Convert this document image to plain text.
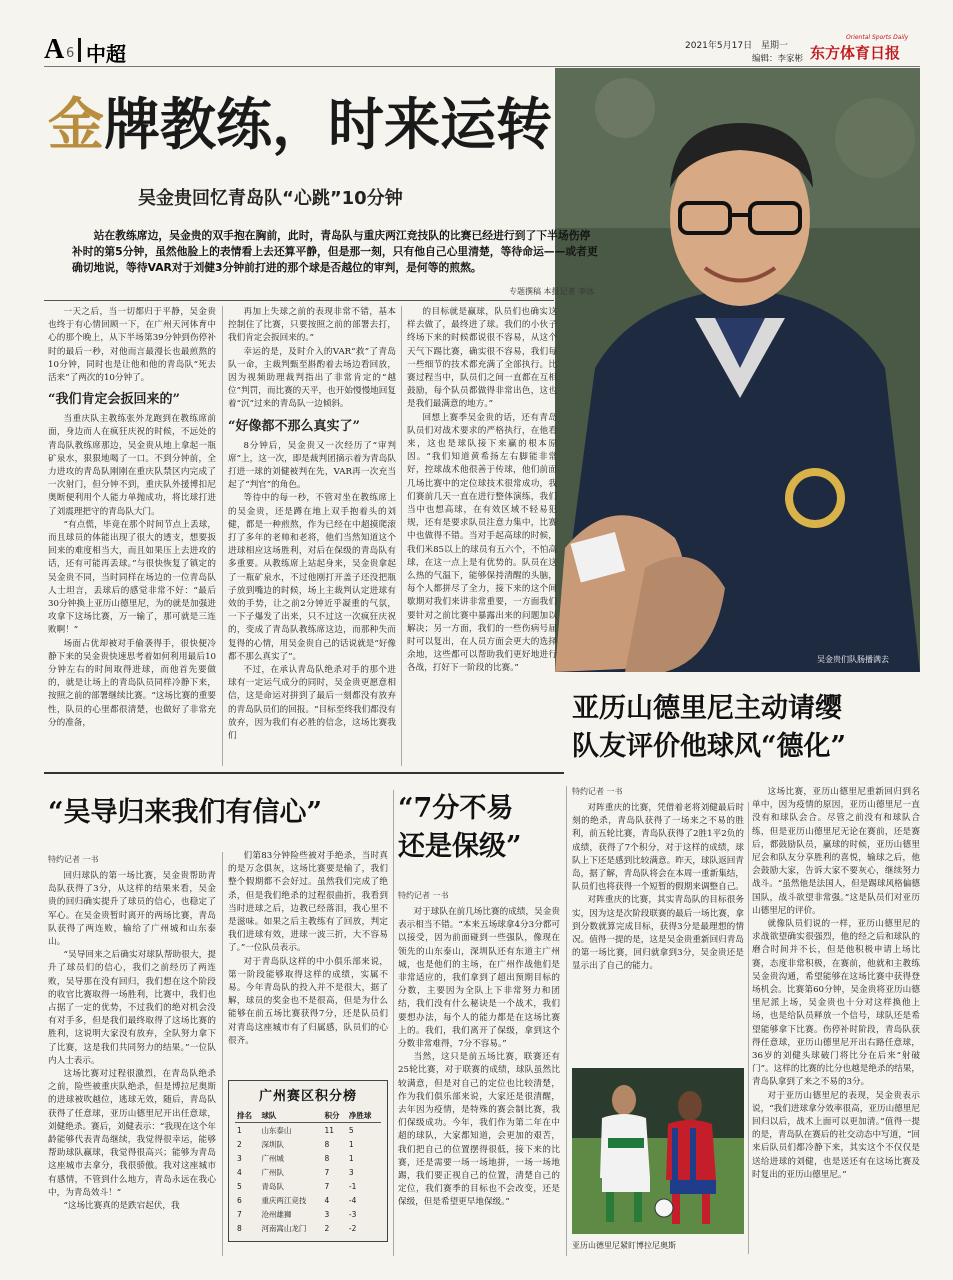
A 6 中超	2021年5月17日 星期一
编辑：李家彬 东方体育日报
Oriental Sports Daily
吴金贵们队肠播满去
金牌教练，时来运转
吴金贵回忆青岛队“心跳”10分钟
站在教练席边，吴金贵的双手抱在胸前，此时，青岛队与重庆两江竞技队的比赛已经进行到了下半场伤停补时的第5分钟，虽然他脸上的表情看上去还算平静，但是那一刻，只有他自己心里清楚，等待命运——或者更确切地说，等待VAR对于刘健3分钟前打进的那个球是否越位的审判，是何等的煎熬。
专题撰稿 本报记者 李冰

一天之后，当一切都归于平静，吴金贵也终于有心情回顾一下，在广州天河体育中心的那个晚上，从下半场第39分钟到伤停补时的最后一秒，对他而言最漫长也最煎熬的10分钟，同时也是让他和他的青岛队“死去活来”了两次的10分钟了。

“我们肯定会扳回来的”

当重庆队主教练张外龙跑到在教练席前面，身边而人在疯狂庆祝的时候，不远处的青岛队教练席那边，吴金贵从地上拿起一瓶矿泉水，狠狠地喝了一口。不到分钟前，全力进攻的青岛队刚刚在重庆队禁区内完成了一次射门，但分钟不到，重庆队外援博扣尼奥断便利用个人能力单抛成功，将比球打进了刘震理把守的青岛队大门。

“有点慌，毕竟在那个时间节点上丢球，而且球员的体能出现了很大的透支，想要扳回来的难度相当大，而且如果压上去进攻的话，还有可能再丢球。”与很快恢复了镇定的吴金贵不同，当时同样在场边的一位青岛队人士坦言，丢球后的感觉非常不好：“最后30分钟换上亚历山德里尼，为的就是加强进攻拿下这场比赛，万一输了，那可就是三连败啊！”

场面占优却被对手偷袭得手，很快便冷静下来的吴金贵快速思考着如何利用最后10分钟左右的时间取得进球，而他首先要做的，就是让场上的青岛队员同样冷静下来，按照之前的部署继续比赛。“这场比赛的重要性，队员的心里都很清楚，也做好了非常充分的准备，

再加上失球之前的表现非常不错，基本控制住了比赛，只要按照之前的部署去打，我们肯定会扳回来的。”

幸运的是，及时介入的VAR“救”了青岛队一命，主裁判甄至斟酌着去场边看回放，因为视频助理裁判指出了非常肯定的“越位”判罚，而比赛的天平，也开始慢慢地回复着“沉”过来的青岛队一边倾斜。

“好像都不那么真实了”

8分钟后，吴金贵又一次经历了“审判席”上，这一次，即是裁判团摘示着为青岛队打进一球的刘健被判在先，VAR再一次充当起了“判官”的角色。

等待中的每一秒，不管对坐在教练席上的吴金贵，还是蹲在地上双手抱着头的刘健，都是一种煎熬，作为已经在中超摸爬滚打了多年的老帅和老将，他们当然知道这个进球相应这场胜利，对后在保级的青岛队有多重要。从教练席上站起身来，吴金贵拿起了一瓶矿泉水，不过他刚打开盖子还没把瓶子放到嘴边的时候，场上主裁判认定进球有效的手势，让之前2分钟近乎凝重的气氛，一下子爆发了出来，只不过这一次疯狂庆祝的，变成了青岛队教练席这边，而那种失而复得的心情，用吴金贵自己的话说就是“好像都不那么真实了”。

不过，在承认青岛队绝杀对手的那个进球有一定运气成分的同时，吴金贵更愿意相信，这是命运对拼到了最后一刻都没有放弃的青岛队员们的回报。“目标至终我们都没有放弃，因为我们有必胜的信念，这场比赛我们

的目标就是赢球，队员们也确实这样去做了，最终进了球。我们的小伙子终场下来的时候都说很不容易，从这个天气下踢比赛，确实很不容易，我们每一些细节的技术都充满了全部执行。比赛过程当中，队员们之间一直都在互相鼓励，每个队员都做得非常出色，这也是我们最满意的地方。”

回想上赛季吴金贵的话，还有青岛队员们对战术要求的严格执行，在他看来，这也是球队接下来赢的根本原因。“我们知道黄希扬左右脚能非常好，控球战术他很善于传球，他们前面几场比赛中的定位球技术很常成功，我们赛前几天一直在进行整体演练，我们当中也想高球，在有效区域不轻易犯规，还有是要求队员注意力集中，比赛中也做得不错。当对手起高球的时候，我们米85以上的球员有五六个，不怕高球，在这一点上是有优势的。队员在这么热的气温下，能够保持清醒的头脑，每个人都拼尽了全力，接下来的这个间歇期对我们来讲非常重要，一方面我们要针对之前比赛中暴露出来的问题加以解决；另一方面，我们的一些伤病号届时可以复出，在人员方面会更大的选择余地，这些都可以帮助我们更好地进行各战，打好下一阶段的比赛。”

亚历山德里尼主动请缨
队友评价他球风“德化”
特约记者 一书

对阵重庆的比赛，凭借着老将刘健最后时刻的绝杀，青岛队获得了一场来之不易的胜利，前五轮比赛，青岛队获得了2胜1平2负的成绩，获得了7个积分，对于这样的成绩，球队上下还是感到比较满意。昨天，球队返回青岛，据了解，青岛队将会在本周一重新集结，队员们也将获得一个短暂的假期来调整自己。

对阵重庆的比赛，其实青岛队的目标很务实，因为这是次阶段联赛的最后一场比赛，拿到分数就算完成目标，获得3分是最理想的情况。值得一提的是，这是吴金贵重新回归青岛的第一场比赛，回归就拿到3分，吴金贵还是显示出了自己的能力。

亚历山德里尼紧盯博拉尼奥斯

这场比赛，亚历山德里尼重新回归到名单中，因为疫情的原因，亚历山德里尼一直没有和球队会合。尽管之前没有和球队合练，但是亚历山德里尼无论在赛前，还是赛后，都鼓励队员，赢球的时候，亚历山德里尼会和队友分享胜利的喜悦，输球之后，他会鼓励大家，告诉大家不要灰心，继续努力战斗。“虽然他是法国人，但是踢球风格偏德国队，战斗欲望非常强。”这是队员们对亚历山德里尼的评价。

就像队员们说的一样，亚历山德里尼的求战欲望确实很强烈，他的经之后和球队的磨合时间并不长，但是他积极申请上场比赛，态度非常积极，在赛前，他就和主教练吴金贵沟通，希望能够在这场比赛中获得登场机会。比赛第60分钟，吴金贵将亚历山德里尼派上场，吴金贵也十分对这样换他上场，也是给队员释放一个信号，球队还是希望能够拿下比赛。伤停补时阶段，青岛队获得任意球，亚历山德里尼开出右路任意球，36岁的刘健头球破门将比分在后来“射破门”。这样的比赛的比分也越是绝杀的结果，青岛队拿到了来之不易的3分。

对于亚历山德里尼的表现，吴金贵表示说，“我们进球拿分效率很高，亚历山德里尼回归以后，战术上面可以更加清。”值得一提的是，青岛队在赛后的社交动态中写道，“回来后队员们都冷静下来，其实这个不仅仅是送给进球的刘健，也是送还有在这场比赛及时复出的亚历山德里尼。”

“吴导归来我们有信心”
特约记者 一书

回归球队的第一场比赛，吴金贵帮助青岛队获得了3分，从这样的结果来看，吴金贵的回归确实提升了球员的信心，也稳定了军心。在吴金贵暂时离开的两场比赛，青岛队获得了两连败，输给了广州城和山东泰山。

“吴导回来之后确实对球队帮助很大，提升了球员们的信心，我们之前经历了两连败，吴导那在没有回归，我们想在这个阶段的收官比赛取得一场胜利，比赛中，我们也占据了一定的优势，不过我们的绝对机会没有对手多，但是我们最终取得了这场比赛的胜利，这说明大家没有放弃，全队努力拿下了比赛，这是我们共同努力的结果。”一位队内人士表示。

这场比赛对过程很激烈，在青岛队绝杀之前，险些被重庆队绝杀，但是博拉尼奥斯的进球被吹越位，逃球无效，随后，青岛队获得了任意球，亚历山德里尼开出任意球，刘健绝杀。赛后，刘健表示：“我现在这个年龄能够代表青岛继续，我觉得很幸运，能够帮助球队赢球，我觉得很高兴；能够为青岛这座城市去拿分，我很骄傲。我对这座城市有感情，不管到什么地方，青岛永远在我心中，为青岛效斗！”

“这场比赛真的是跌宕起伏，我

们第83分钟险些被对手绝杀，当时真的是万念俱灰，这场比赛要是输了，我们整个假期都不会好过。虽然我们完成了绝杀，但是我们绝杀的过程很曲折，我看到当时进球之后，边教已经落泪，我心里不是滋味。如果之后主教练有了回放，判定我们进球有效，进球一波三折，大不容易了。”一位队员表示。

对于青岛队这样的中小俱乐部来说，第一阶段能够取得这样的成绩，实属不易。今年青岛队的投入并不是很大，据了解，球员的奖金也不是很高，但是为什么能够在前五场比赛获得7分，还是队员们对青岛这座城市有了归属感，队员们的心很齐。

广州赛区积分榜
排名	球队	积分	净胜球
1	山东泰山	11	5
2	深圳队	8	1
3	广州城	8	1
4	广州队	7	3
5	青岛队	7	-1
6	重庆两江竞技	4	-4
7	沧州雄狮	3	-3
8	河南嵩山龙门	2	-2
“7分不易
还是保级”
特约记者 一书

对于球队在前几场比赛的成绩，吴金贵表示相当不错。“本来五场球拿4分3分都可以接受，因为前面碰到一些强队，像现在领先的山东泰山，深圳队还有东道主广州城，也是他们的主场，在广州作战他们是非常适应的，我们拿到了超出预期目标的分数，主要因为全队上下非常努力和团结，我们没有什么秘诀是一个战术，我们要想办法，每个人的能力都是在这场比赛上的。我们，我们离开了保级，拿到这个分数非常难得，7分不容易。”

当然，这只是前五场比赛，联赛还有25轮比赛，对于联赛的成绩，球队虽然比较满意，但是对自己的定位也比较清楚，作为我们俱乐部来说，大家还是很清醒，去年因为疫情，是特殊的赛会制比赛，我们保级成功。今年，我们作为第二年在中超的球队，大家都知道，会更加的艰苦，我们把自己的位置摆得很低，接下来的比赛，还是需要一场一场地拼，一场一场地踢，我们要正视自己的位置，清楚自己的定位，我们赛季的目标也不会改变，还是保级，但是希望更早地保级。”
